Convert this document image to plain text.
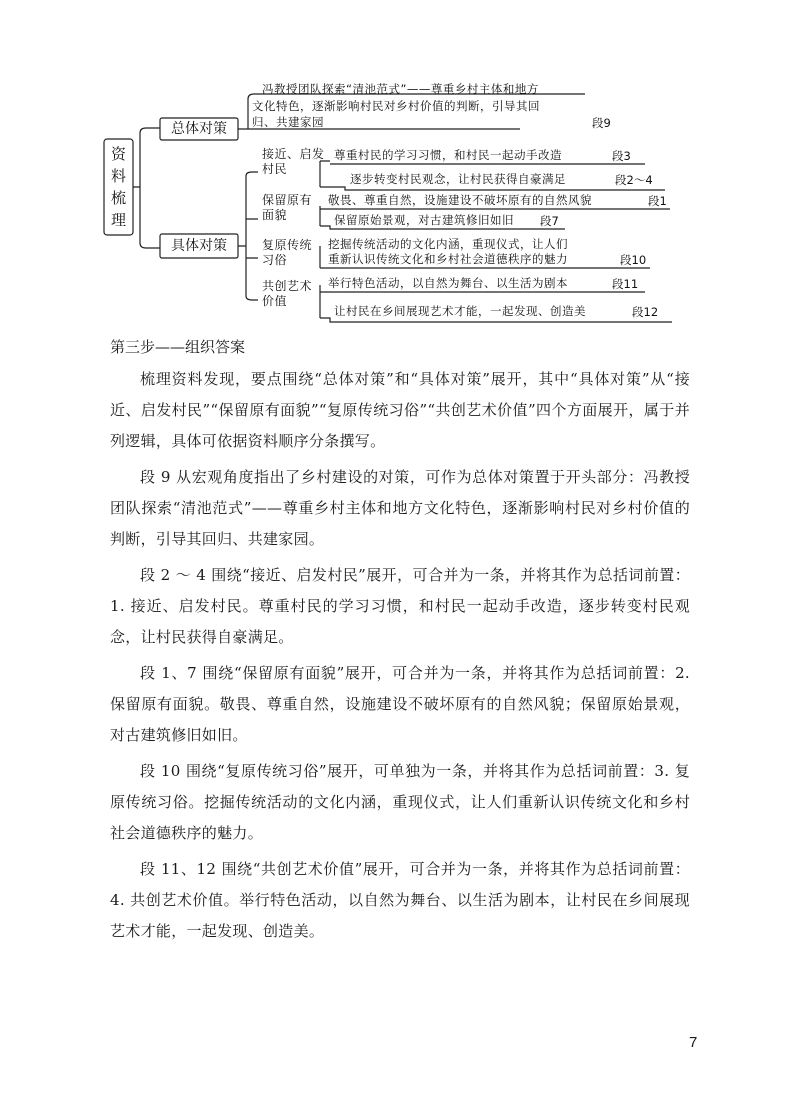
资料梳理
总体对策
具体对策
冯教授团队探索“清池范式”——尊重乡村主体和地方
文化特色，逐渐影响村民对乡村价值的判断，引导其回
归、共建家园	段9
接近、启发
村民
尊重村民的学习习惯，和村民一起动手改造	段3
逐步转变村民观念，让村民获得自豪满足	段2～4
保留原有
面貌
敬畏、尊重自然，设施建设不破坏原有的自然风貌	段1
保留原始景观，对古建筑修旧如旧 段7
复原传统
习俗
挖掘传统活动的文化内涵，重现仪式，让人们
重新认识传统文化和乡村社会道德秩序的魅力	段10
共创艺术
价值
举行特色活动，以自然为舞台、以生活为剧本	段11
让村民在乡间展现艺术才能，一起发现、创造美	段12
第三步——组织答案

梳理资料发现，要点围绕“总体对策”和“具体对策”展开，其中“具体对策”从“接近、启发村民”“保留原有面貌”“复原传统习俗”“共创艺术价值”四个方面展开，属于并列逻辑，具体可依据资料顺序分条撰写。

段 9 从宏观角度指出了乡村建设的对策，可作为总体对策置于开头部分：冯教授团队探索“清池范式”——尊重乡村主体和地方文化特色，逐渐影响村民对乡村价值的判断，引导其回归、共建家园。

段 2 ～ 4 围绕“接近、启发村民”展开，可合并为一条，并将其作为总括词前置：1. 接近、启发村民。尊重村民的学习习惯，和村民一起动手改造，逐步转变村民观念，让村民获得自豪满足。

段 1、7 围绕“保留原有面貌”展开，可合并为一条，并将其作为总括词前置：2. 保留原有面貌。敬畏、尊重自然，设施建设不破坏原有的自然风貌；保留原始景观，对古建筑修旧如旧。

段 10 围绕“复原传统习俗”展开，可单独为一条，并将其作为总括词前置：3. 复原传统习俗。挖掘传统活动的文化内涵，重现仪式，让人们重新认识传统文化和乡村社会道德秩序的魅力。

段 11、12 围绕“共创艺术价值”展开，可合并为一条，并将其作为总括词前置：4. 共创艺术价值。举行特色活动，以自然为舞台、以生活为剧本，让村民在乡间展现艺术才能，一起发现、创造美。

7
